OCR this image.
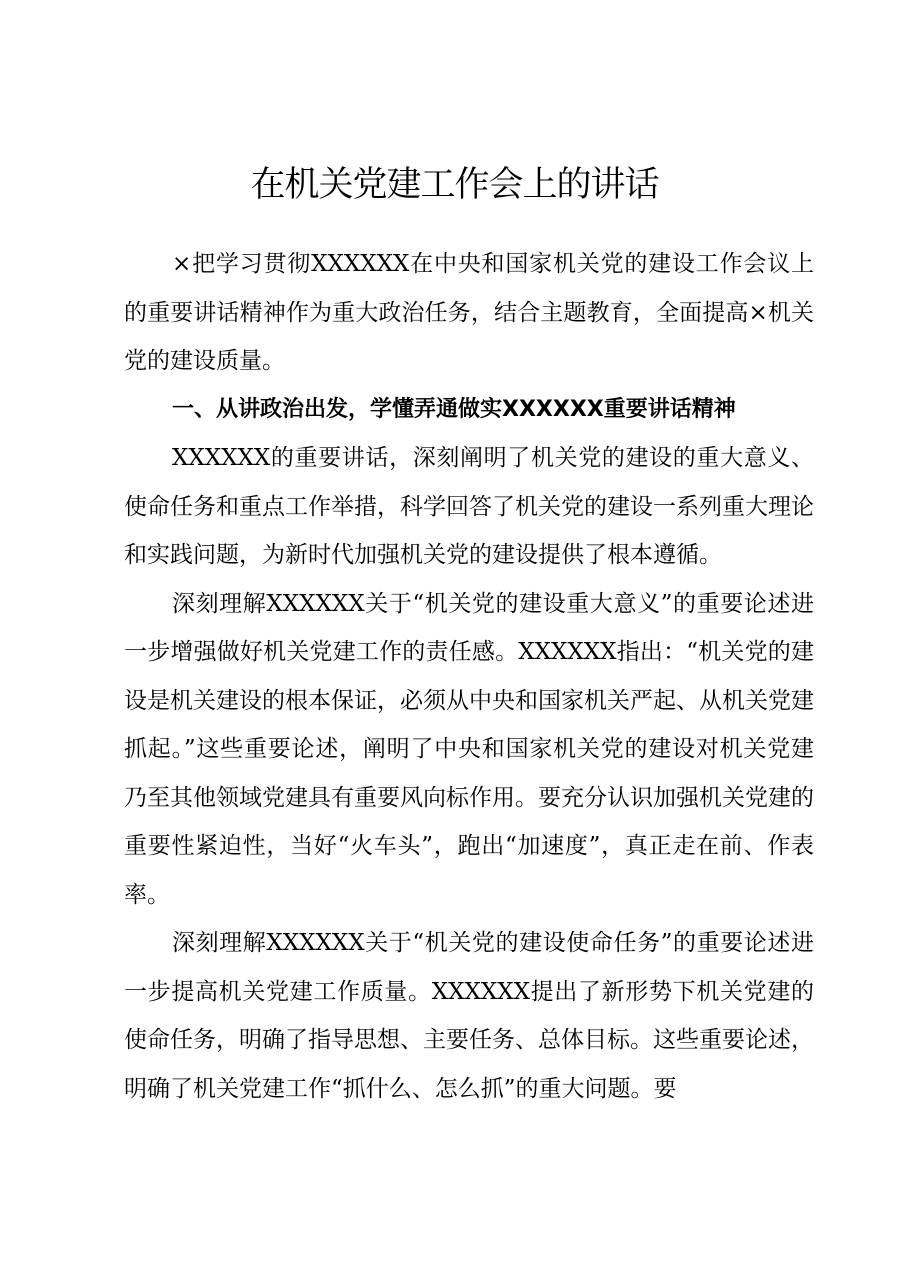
在机关党建工作会上的讲话

×把学习贯彻XXXXXX在中央和国家机关党的建设工作会议上的重要讲话精神作为重大政治任务，结合主题教育，全面提高×机关党的建设质量。

一、从讲政治出发，学懂弄通做实XXXXXX重要讲话精神

XXXXXX的重要讲话，深刻阐明了机关党的建设的重大意义、使命任务和重点工作举措，科学回答了机关党的建设一系列重大理论和实践问题，为新时代加强机关党的建设提供了根本遵循。

深刻理解XXXXXX关于“机关党的建设重大意义”的重要论述进一步增强做好机关党建工作的责任感。XXXXXX指出：“机关党的建设是机关建设的根本保证，必须从中央和国家机关严起、从机关党建抓起。”这些重要论述，阐明了中央和国家机关党的建设对机关党建乃至其他领域党建具有重要风向标作用。要充分认识加强机关党建的重要性紧迫性，当好“火车头”，跑出“加速度”，真正走在前、作表率。

深刻理解XXXXXX关于“机关党的建设使命任务”的重要论述进一步提高机关党建工作质量。XXXXXX提出了新形势下机关党建的使命任务，明确了指导思想、主要任务、总体目标。这些重要论述，明确了机关党建工作“抓什么、怎么抓”的重大问题。要
